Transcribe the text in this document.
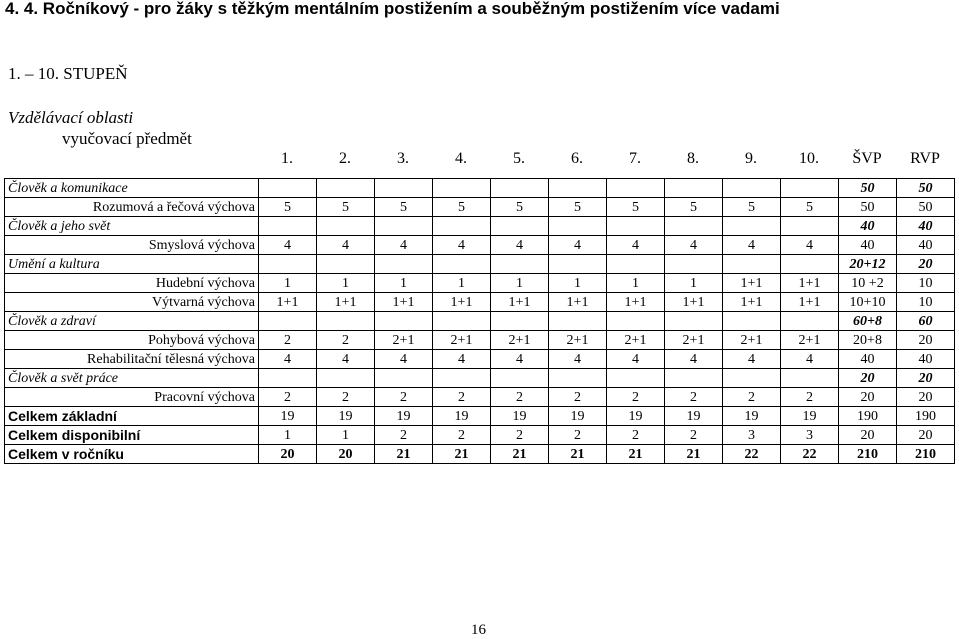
4. 4. Ročníkový - pro žáky s těžkým mentálním postižením a souběžným postižením více vadami
1. – 10. STUPEŇ
Vzdělávací oblasti
vyučovací předmět
1.	2.	3.	4.	5.	6.	7.	8.	9.	10.	ŠVP	RVP
Člověk a komunikace											50	50
Rozumová a řečová výchova	5	5	5	5	5	5	5	5	5	5	50	50
Člověk a jeho svět											40	40
Smyslová výchova	4	4	4	4	4	4	4	4	4	4	40	40
Umění a kultura											20+12	20
Hudební výchova	1	1	1	1	1	1	1	1	1+1	1+1	10 +2	10
Výtvarná výchova	1+1	1+1	1+1	1+1	1+1	1+1	1+1	1+1	1+1	1+1	10+10	10
Člověk a zdraví											60+8	60
Pohybová výchova	2	2	2+1	2+1	2+1	2+1	2+1	2+1	2+1	2+1	20+8	20
Rehabilitační tělesná výchova	4	4	4	4	4	4	4	4	4	4	40	40
Člověk a svět práce											20	20
Pracovní výchova	2	2	2	2	2	2	2	2	2	2	20	20
Celkem základní	19	19	19	19	19	19	19	19	19	19	190	190
Celkem disponibilní	1	1	2	2	2	2	2	2	3	3	20	20
Celkem v ročníku	20	20	21	21	21	21	21	21	22	22	210	210
16
